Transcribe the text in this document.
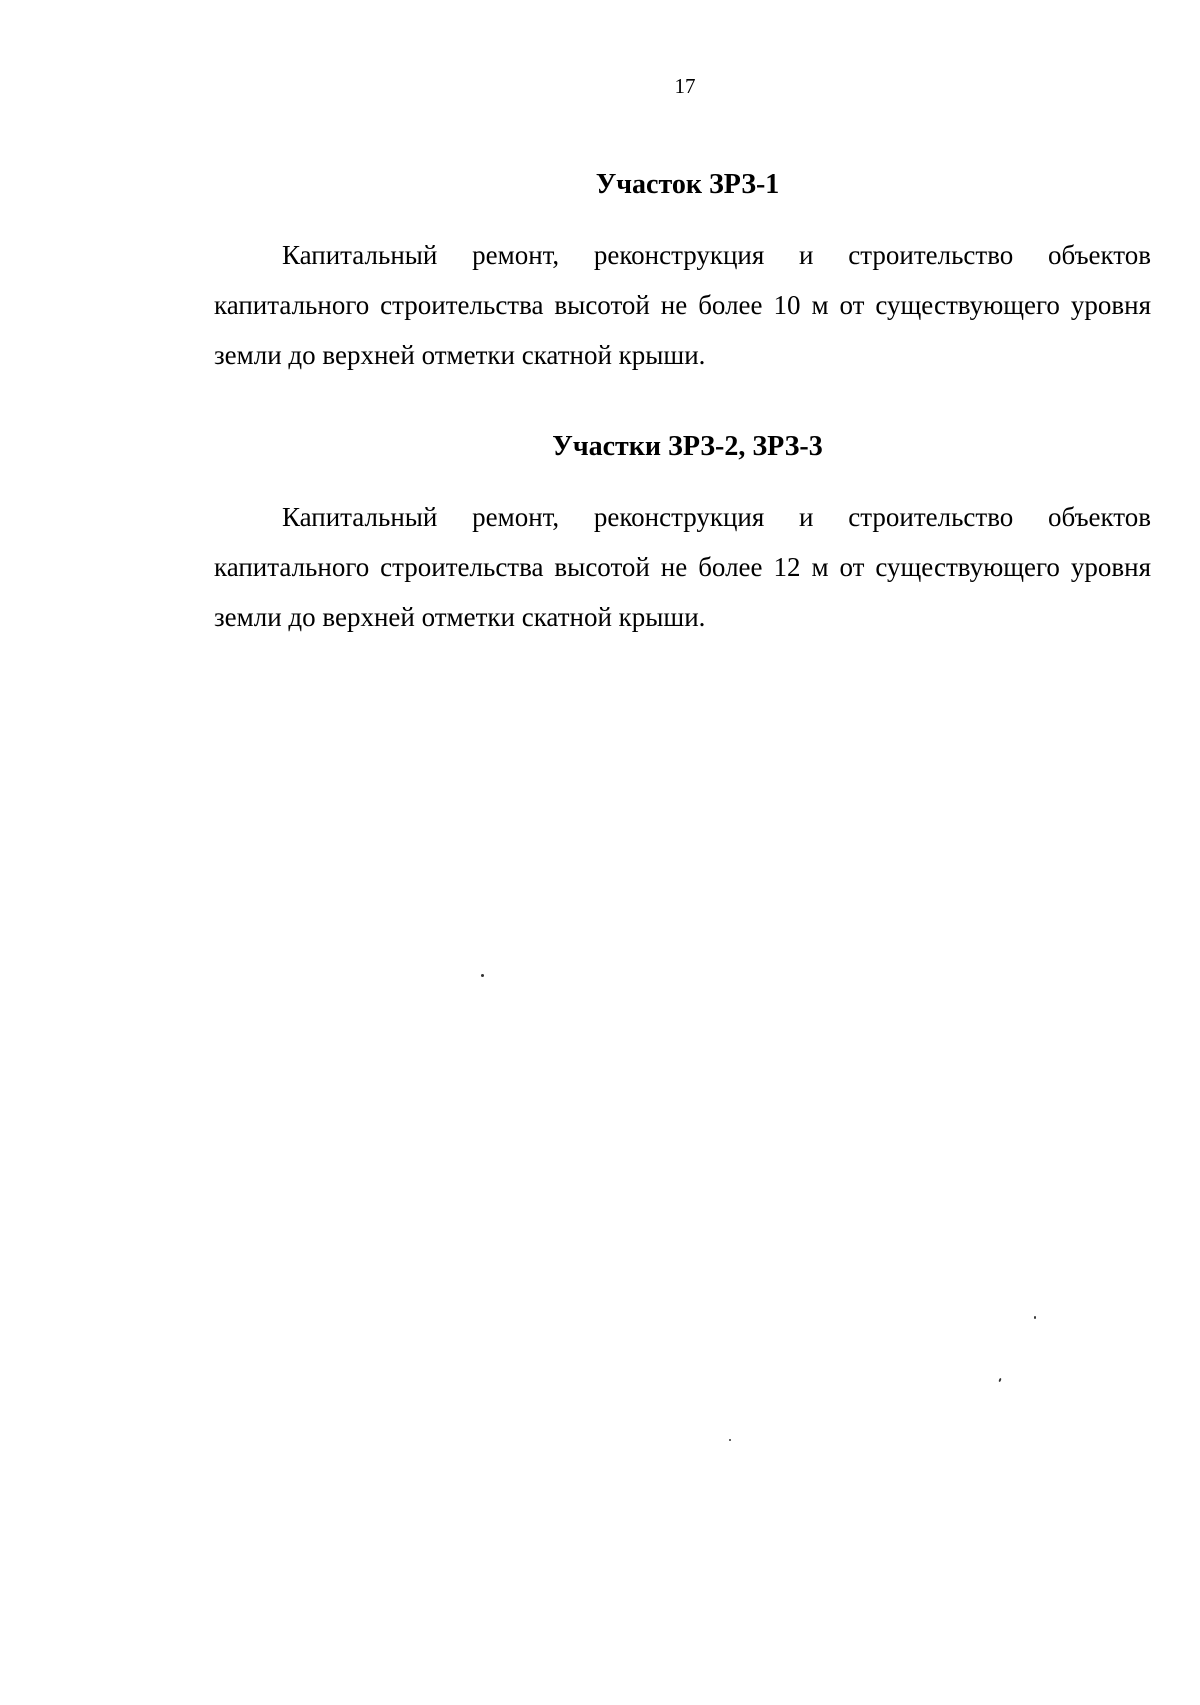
17
Участок ЗРЗ-1

Капитальный ремонт, реконструкция и строительство объектов капитального строительства высотой не более 10 м от существующего уровня земли до верхней отметки скатной крыши.

Участки ЗРЗ-2, ЗРЗ-3

Капитальный ремонт, реконструкция и строительство объектов капитального строительства высотой не более 12 м от существующего уровня земли до верхней отметки скатной крыши.
